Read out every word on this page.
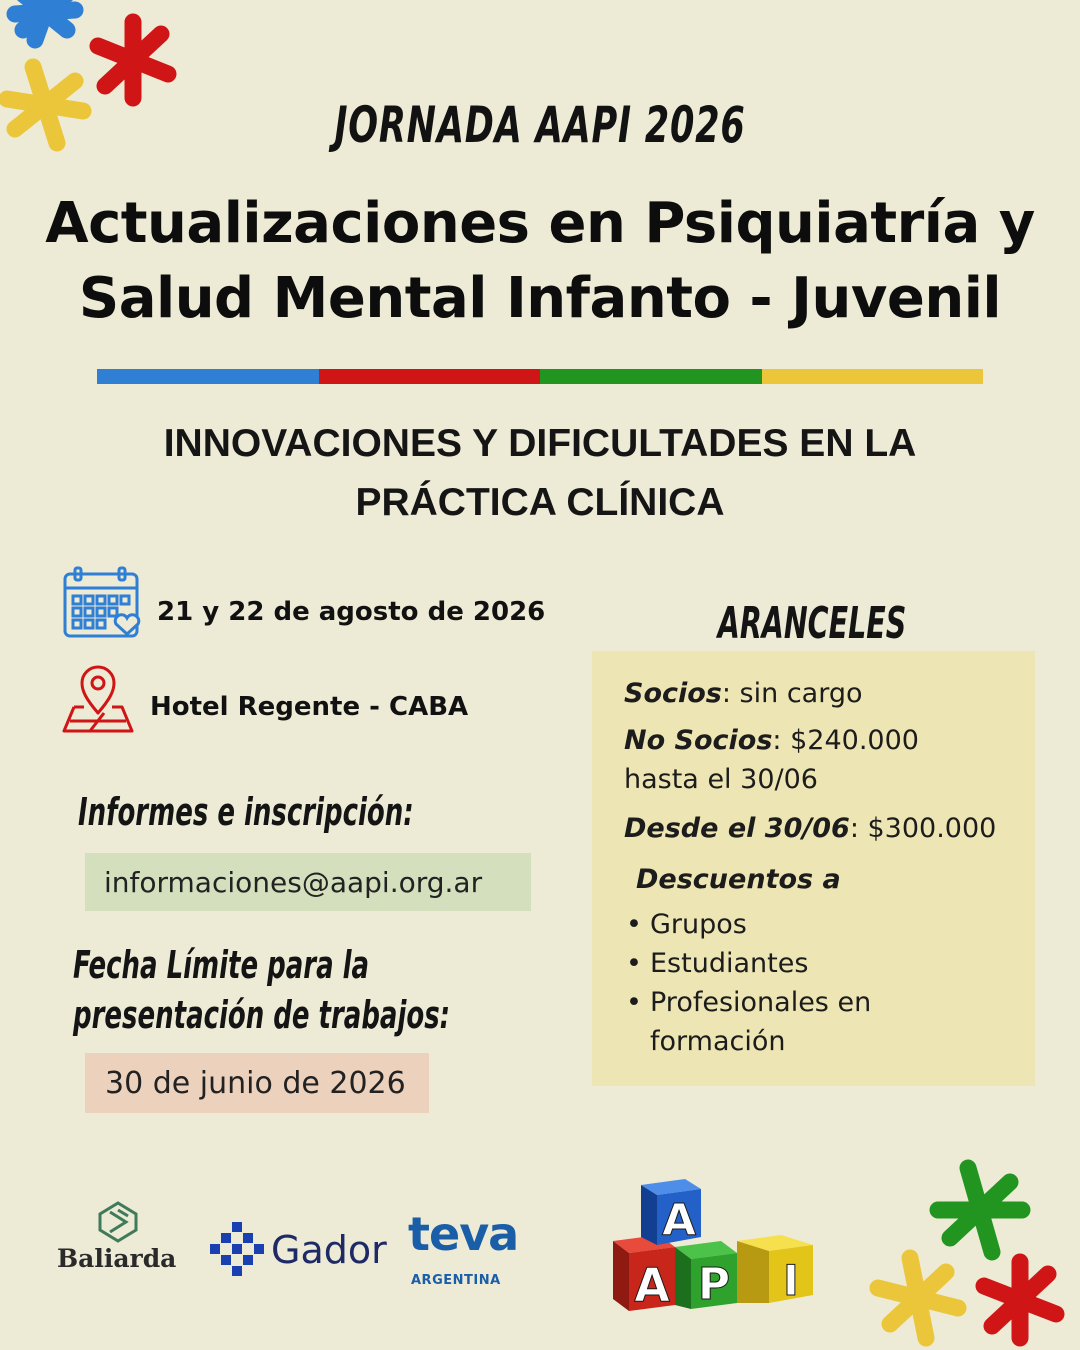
JORNADA AAPI 2026
Actualizaciones en Psiquiatría y
Salud Mental Infanto - Juvenil
INNOVACIONES Y DIFICULTADES EN LA
PRÁCTICA CLÍNICA
21 y 22 de agosto de 2026
Hotel Regente - CABA
Informes e inscripción:
informaciones@aapi.org.ar
Fecha Límite para la
presentación de trabajos:
30 de junio de 2026
ARANCELES
Socios: sin cargo
No Socios: $240.000
hasta el 30/06
Desde el 30/06: $300.000
Descuentos a
• Grupos
• Estudiantes
• Profesionales en
formación
Baliarda Gador teva
ARGENTINA
A
A P I
